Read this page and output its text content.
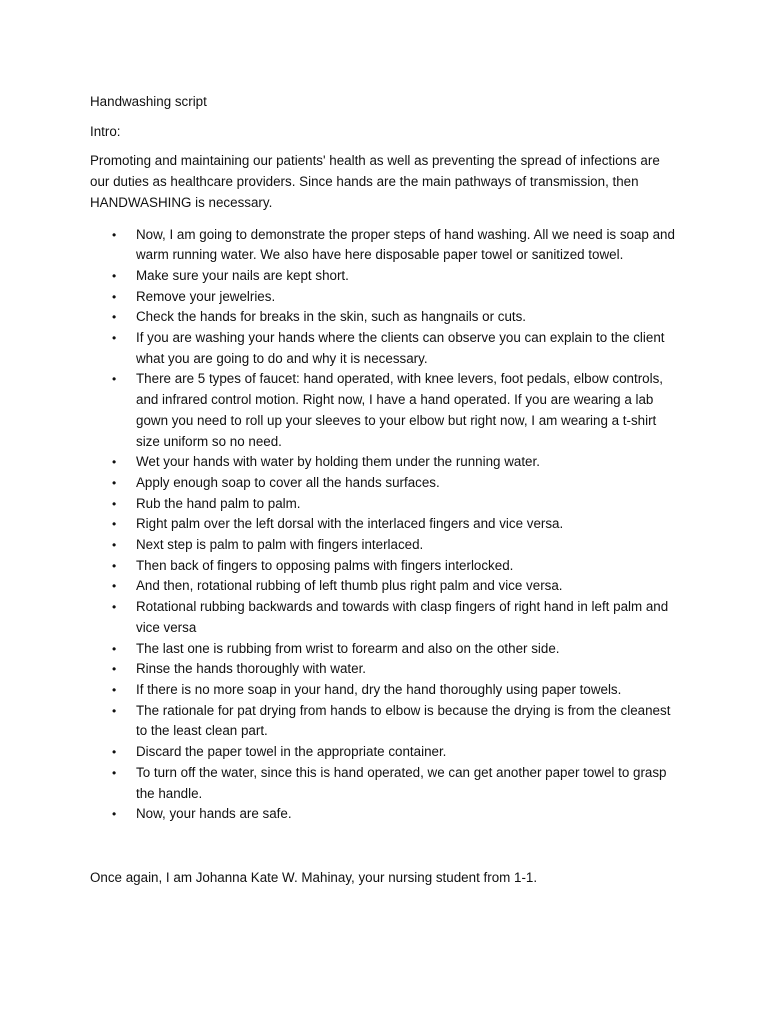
Handwashing script

Intro:

Promoting and maintaining our patients' health as well as preventing the spread of infections are our duties as healthcare providers. Since hands are the main pathways of transmission, then HANDWASHING is necessary.

• Now, I am going to demonstrate the proper steps of hand washing. All we need is soap and warm running water. We also have here disposable paper towel or sanitized towel.
• Make sure your nails are kept short.
• Remove your jewelries.
• Check the hands for breaks in the skin, such as hangnails or cuts.
• If you are washing your hands where the clients can observe you can explain to the client what you are going to do and why it is necessary.
• There are 5 types of faucet: hand operated, with knee levers, foot pedals, elbow controls, and infrared control motion. Right now, I have a hand operated. If you are wearing a lab gown you need to roll up your sleeves to your elbow but right now, I am wearing a t-shirt size uniform so no need.
• Wet your hands with water by holding them under the running water.
• Apply enough soap to cover all the hands surfaces.
• Rub the hand palm to palm.
• Right palm over the left dorsal with the interlaced fingers and vice versa.
• Next step is palm to palm with fingers interlaced.
• Then back of fingers to opposing palms with fingers interlocked.
• And then, rotational rubbing of left thumb plus right palm and vice versa.
• Rotational rubbing backwards and towards with clasp fingers of right hand in left palm and vice versa
• The last one is rubbing from wrist to forearm and also on the other side.
• Rinse the hands thoroughly with water.
• If there is no more soap in your hand, dry the hand thoroughly using paper towels.
• The rationale for pat drying from hands to elbow is because the drying is from the cleanest to the least clean part.
• Discard the paper towel in the appropriate container.
• To turn off the water, since this is hand operated, we can get another paper towel to grasp the handle.
• Now, your hands are safe.

Once again, I am Johanna Kate W. Mahinay, your nursing student from 1-1.
